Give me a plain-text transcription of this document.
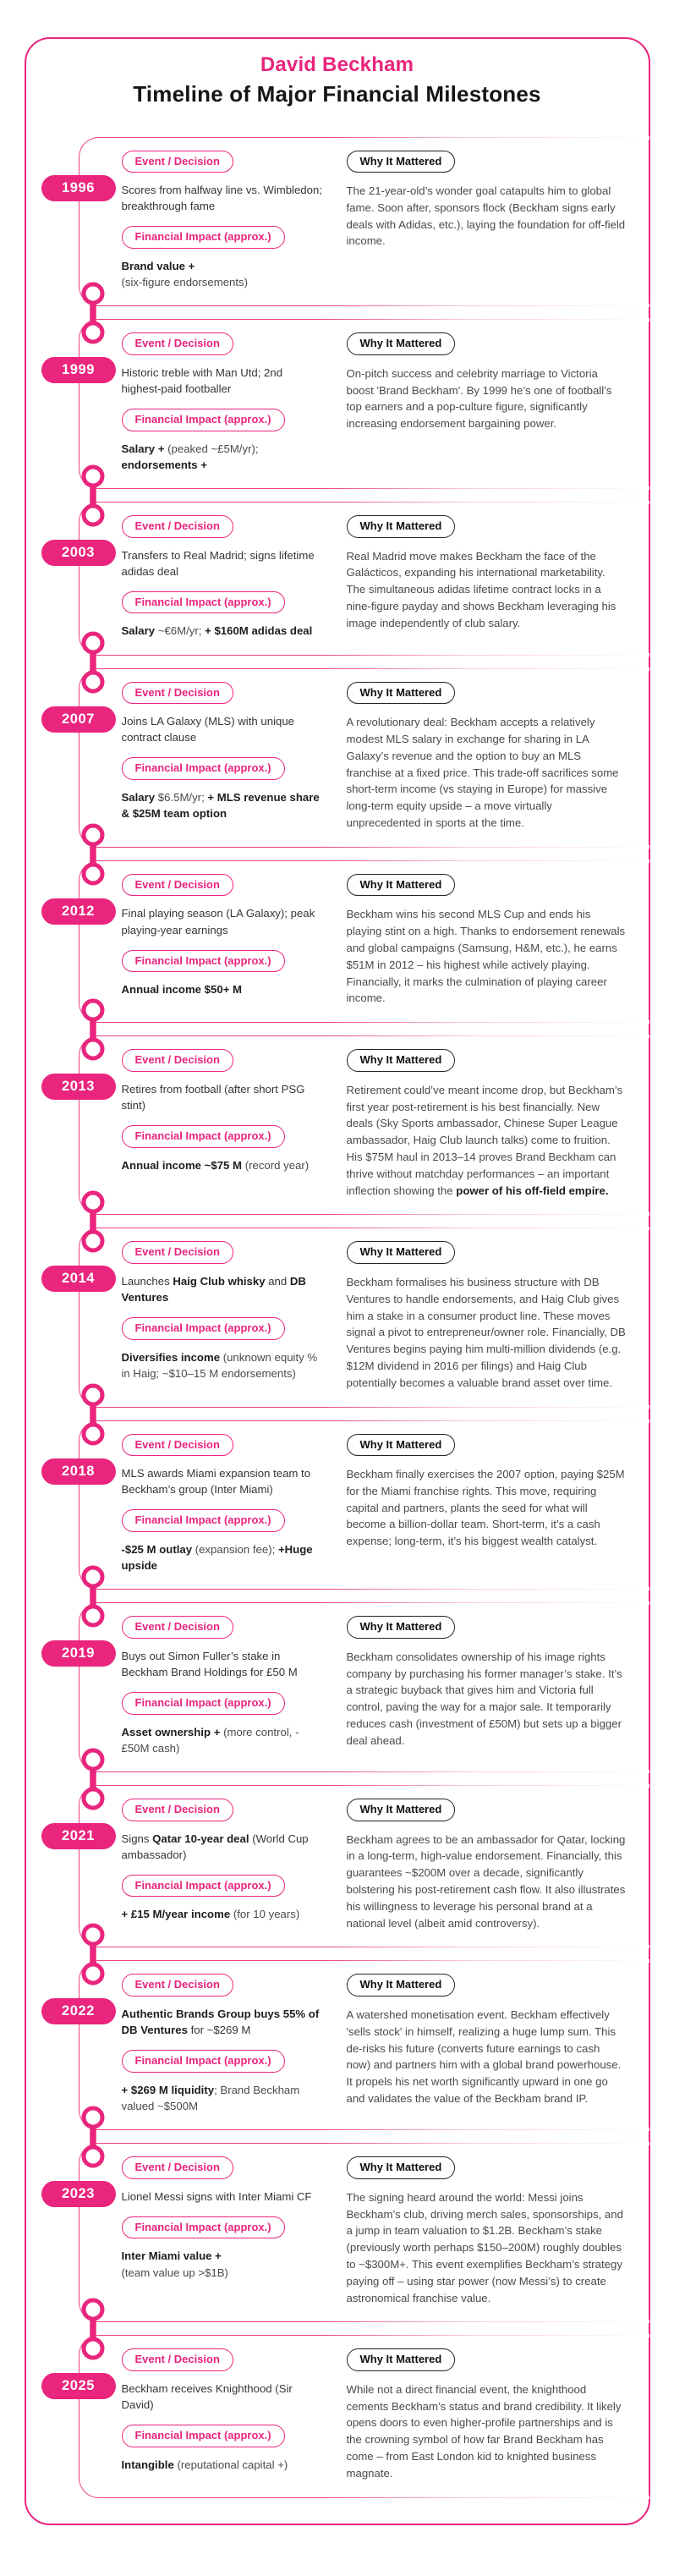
David Beckham
Timeline of Major Financial Milestones
1996
Event / Decision

Scores from halfway line vs. Wimbledon; breakthrough fame

Financial Impact (approx.)

Brand value +
(six-figure endorsements)

Why It Mattered

The 21-year-old’s wonder goal catapults him to global fame. Soon after, sponsors flock (Beckham signs early deals with Adidas, etc.), laying the foundation for off-field income.

1999
Event / Decision

Historic treble with Man Utd; 2nd highest-paid footballer

Financial Impact (approx.)

Salary + (peaked ~£5M/yr); endorsements +

Why It Mattered

On-pitch success and celebrity marriage to Victoria boost 'Brand Beckham'. By 1999 he’s one of football’s top earners and a pop-culture figure, significantly increasing endorsement bargaining power.

2003
Event / Decision

Transfers to Real Madrid; signs lifetime adidas deal

Financial Impact (approx.)

Salary ~€6M/yr; + $160M adidas deal

Why It Mattered

Real Madrid move makes Beckham the face of the Galácticos, expanding his international marketability. The simultaneous adidas lifetime contract locks in a nine-figure payday and shows Beckham leveraging his image independently of club salary.

2007
Event / Decision

Joins LA Galaxy (MLS) with unique contract clause

Financial Impact (approx.)

Salary $6.5M/yr; + MLS revenue share & $25M team option

Why It Mattered

A revolutionary deal: Beckham accepts a relatively modest MLS salary in exchange for sharing in LA Galaxy’s revenue and the option to buy an MLS franchise at a fixed price. This trade-off sacrifices some short-term income (vs staying in Europe) for massive long-term equity upside – a move virtually unprecedented in sports at the time.

2012
Event / Decision

Final playing season (LA Galaxy); peak playing-year earnings

Financial Impact (approx.)

Annual income $50+ M

Why It Mattered

Beckham wins his second MLS Cup and ends his playing stint on a high. Thanks to endorsement renewals and global campaigns (Samsung, H&M, etc.), he earns $51M in 2012 – his highest while actively playing. Financially, it marks the culmination of playing career income.

2013
Event / Decision

Retires from football (after short PSG stint)

Financial Impact (approx.)

Annual income ~$75 M (record year)

Why It Mattered

Retirement could’ve meant income drop, but Beckham’s first year post-retirement is his best financially. New deals (Sky Sports ambassador, Chinese Super League ambassador, Haig Club launch talks) come to fruition. His $75M haul in 2013–14 proves Brand Beckham can thrive without matchday performances – an important inflection showing the power of his off-field empire.

2014
Event / Decision

Launches Haig Club whisky and DB Ventures

Financial Impact (approx.)

Diversifies income (unknown equity % in Haig; ~$10–15 M endorsements)

Why It Mattered

Beckham formalises his business structure with DB Ventures to handle endorsements, and Haig Club gives him a stake in a consumer product line. These moves signal a pivot to entrepreneur/owner role. Financially, DB Ventures begins paying him multi-million dividends (e.g. $12M dividend in 2016 per filings) and Haig Club potentially becomes a valuable brand asset over time.

2018
Event / Decision

MLS awards Miami expansion team to Beckham’s group (Inter Miami)

Financial Impact (approx.)

-$25 M outlay (expansion fee); +Huge upside

Why It Mattered

Beckham finally exercises the 2007 option, paying $25M for the Miami franchise rights. This move, requiring capital and partners, plants the seed for what will become a billion-dollar team. Short-term, it’s a cash expense; long-term, it’s his biggest wealth catalyst.

2019
Event / Decision

Buys out Simon Fuller’s stake in Beckham Brand Holdings for £50 M

Financial Impact (approx.)

Asset ownership + (more control, -£50M cash)

Why It Mattered

Beckham consolidates ownership of his image rights company by purchasing his former manager’s stake. It’s a strategic buyback that gives him and Victoria full control, paving the way for a major sale. It temporarily reduces cash (investment of £50M) but sets up a bigger deal ahead.

2021
Event / Decision

Signs Qatar 10-year deal (World Cup ambassador)

Financial Impact (approx.)

+ £15 M/year income (for 10 years)

Why It Mattered

Beckham agrees to be an ambassador for Qatar, locking in a long-term, high-value endorsement. Financially, this guarantees ~$200M over a decade, significantly bolstering his post-retirement cash flow. It also illustrates his willingness to leverage his personal brand at a national level (albeit amid controversy).

2022
Event / Decision

Authentic Brands Group buys 55% of DB Ventures for ~$269 M

Financial Impact (approx.)

+ $269 M liquidity; Brand Beckham valued ~$500M

Why It Mattered

A watershed monetisation event. Beckham effectively 'sells stock' in himself, realizing a huge lump sum. This de-risks his future (converts future earnings to cash now) and partners him with a global brand powerhouse. It propels his net worth significantly upward in one go and validates the value of the Beckham brand IP.

2023
Event / Decision

Lionel Messi signs with Inter Miami CF

Financial Impact (approx.)

Inter Miami value +
(team value up >$1B)

Why It Mattered

The signing heard around the world: Messi joins Beckham’s club, driving merch sales, sponsorships, and a jump in team valuation to $1.2B. Beckham’s stake (previously worth perhaps $150–200M) roughly doubles to ~$300M+. This event exemplifies Beckham’s strategy paying off – using star power (now Messi’s) to create astronomical franchise value.

2025
Event / Decision

Beckham receives Knighthood (Sir David)

Financial Impact (approx.)

Intangible (reputational capital +)

Why It Mattered

While not a direct financial event, the knighthood cements Beckham’s status and brand credibility. It likely opens doors to even higher-profile partnerships and is the crowning symbol of how far Brand Beckham has come – from East London kid to knighted business magnate.
